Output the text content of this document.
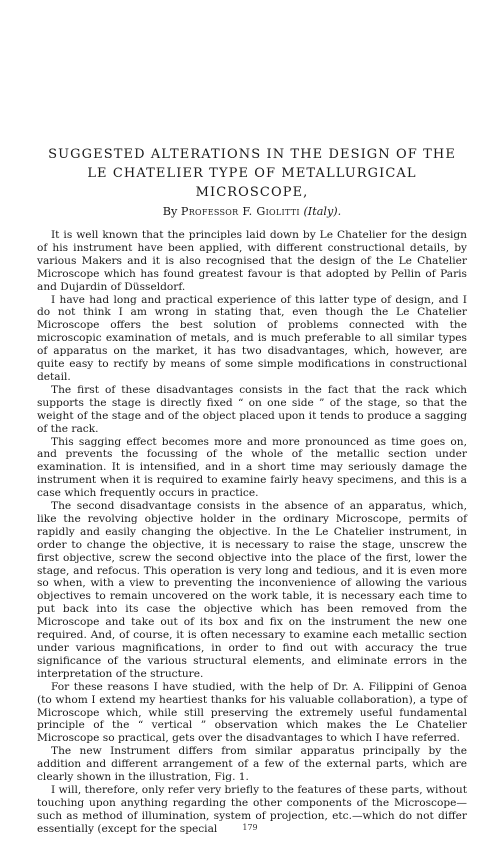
SUGGESTED ALTERATIONS IN THE DESIGN OF THE
LE CHATELIER TYPE OF METALLURGICAL MICROSCOPE,
By Professor F. Giolitti (Italy).

It is well known that the principles laid down by Le Chatelier for the design of his instrument have been applied, with different constructional details, by various Makers and it is also recognised that the design of the Le Chatelier Microscope which has found greatest favour is that adopted by Pellin of Paris and Dujardin of Düsseldorf.

I have had long and practical experience of this latter type of design, and I do not think I am wrong in stating that, even though the Le Chatelier Microscope offers the best solution of problems connected with the microscopic examination of metals, and is much preferable to all similar types of apparatus on the market, it has two disadvantages, which, however, are quite easy to rectify by means of some simple modifications in constructional detail.

The first of these disadvantages consists in the fact that the rack which supports the stage is directly fixed “ on one side ” of the stage, so that the weight of the stage and of the object placed upon it tends to produce a sagging of the rack.

This sagging effect becomes more and more pronounced as time goes on, and prevents the focussing of the whole of the metallic section under examination. It is intensified, and in a short time may seriously damage the instrument when it is required to examine fairly heavy specimens, and this is a case which frequently occurs in practice.

The second disadvantage consists in the absence of an apparatus, which, like the revolving objective holder in the ordinary Microscope, permits of rapidly and easily changing the objective. In the Le Chatelier instrument, in order to change the objective, it is necessary to raise the stage, unscrew the first objective, screw the second objective into the place of the first, lower the stage, and refocus. This operation is very long and tedious, and it is even more so when, with a view to preventing the inconvenience of allowing the various objectives to remain uncovered on the work table, it is necessary each time to put back into its case the objective which has been removed from the Microscope and take out of its box and fix on the instrument the new one required. And, of course, it is often necessary to examine each metallic section under various magnifications, in order to find out with accuracy the true significance of the various structural elements, and eliminate errors in the interpretation of the structure.

For these reasons I have studied, with the help of Dr. A. Filippini of Genoa (to whom I extend my heartiest thanks for his valuable collaboration), a type of Microscope which, while still preserving the extremely useful fundamental principle of the “ vertical ” observation which makes the Le Chatelier Microscope so practical, gets over the disadvantages to which I have referred.

The new Instrument differs from similar apparatus principally by the addition and different arrangement of a few of the external parts, which are clearly shown in the illustration, Fig. 1.

I will, therefore, only refer very briefly to the features of these parts, without touching upon anything regarding the other components of the Microscope—such as method of illumination, system of projection, etc.—which do not differ essentially (except for the special	179
